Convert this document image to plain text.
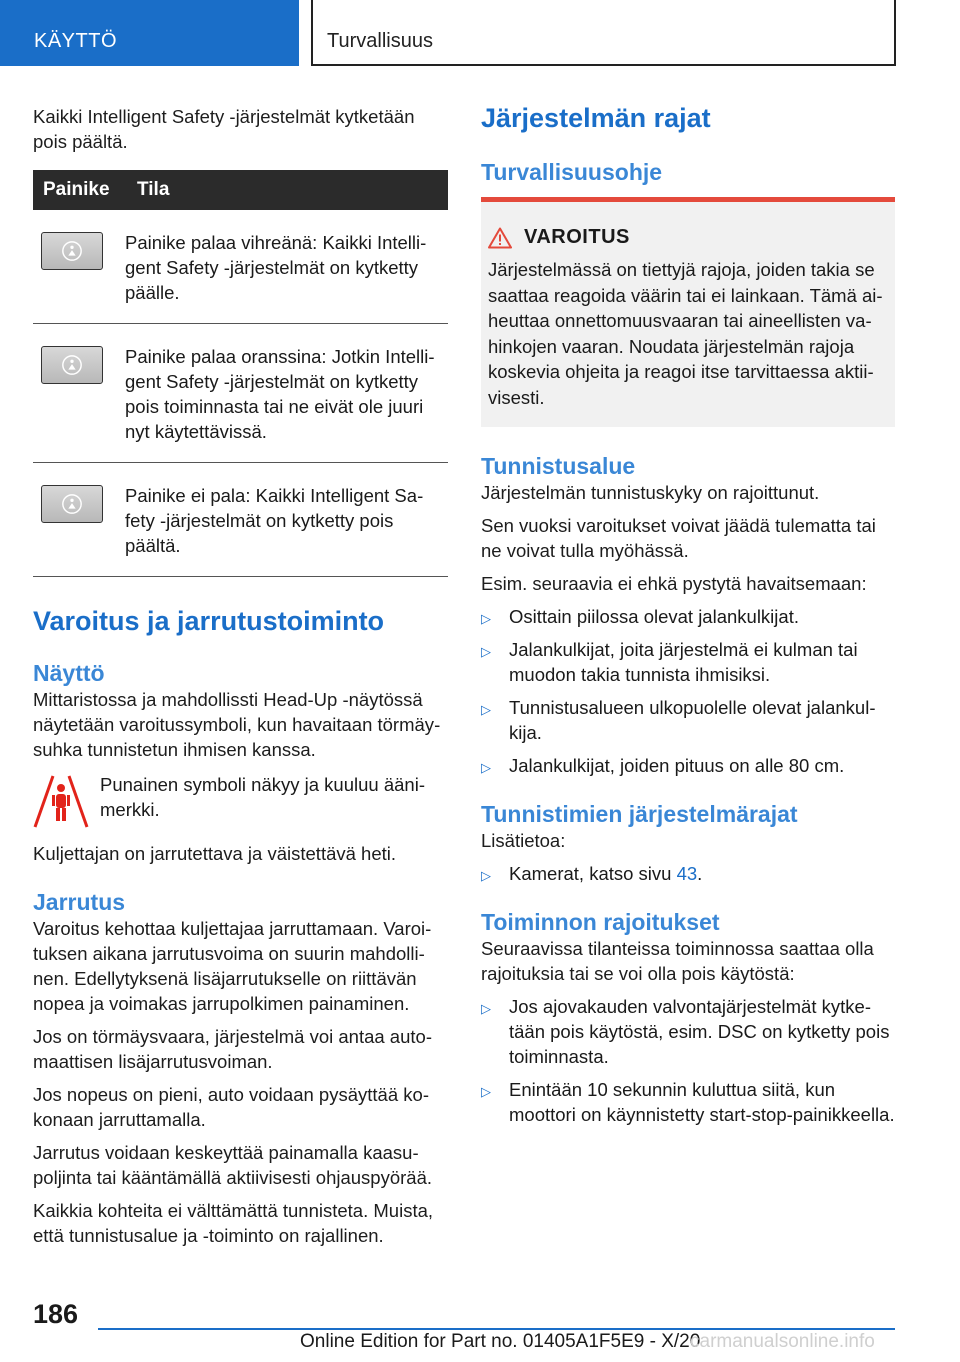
KÄYTTÖ	Turvallisuus

Kaikki Intelligent Safety -järjestelmät kytketään pois päältä.

Painike	Tila

	Painike palaa vihreänä: Kaikki Intelligent Safety -järjestelmät on kytketty päälle.

	Painike palaa oranssina: Jotkin Intelligent Safety -järjestelmät on kytketty pois toiminnasta tai ne eivät ole juuri nyt käytettävissä.

	Painike ei pala: Kaikki Intelligent Safety -järjestelmät on kytketty pois päältä.
Varoitus ja jarrutustoiminto
Näyttö

Mittaristossa ja mahdollissti Head-Up -näytössä näytetään varoitussymboli, kun havaitaan törmäysuhka tunnistetun ihmisen kanssa.

Punainen symboli näkyy ja kuuluu äänimerkki.

Kuljettajan on jarrutettava ja väistettävä heti.

Jarrutus

Varoitus kehottaa kuljettajaa jarruttamaan. Varoituksen aikana jarrutusvoima on suurin mahdollinen. Edellytyksenä lisäjarrutukselle on riittävän nopea ja voimakas jarrupolkimen painaminen.

Jos on törmäysvaara, järjestelmä voi antaa automaattisen lisäjarrutusvoiman.

Jos nopeus on pieni, auto voidaan pysäyttää kokonaan jarruttamalla.

Jarrutus voidaan keskeyttää painamalla kaasupoljinta tai kääntämällä aktiivisesti ohjauspyörää.

Kaikkia kohteita ei välttämättä tunnisteta. Muista, että tunnistusalue ja -toiminto on rajallinen.

Järjestelmän rajat
Turvallisuusohje
VAROITUS

Järjestelmässä on tiettyjä rajoja, joiden takia se saattaa reagoida väärin tai ei lainkaan. Tämä aiheuttaa onnettomuusvaaran tai aineellisten vahinkojen vaaran. Noudata järjestelmän rajoja koskevia ohjeita ja reagoi itse tarvittaessa aktiivisesti.

Tunnistusalue

Järjestelmän tunnistuskyky on rajoittunut.

Sen vuoksi varoitukset voivat jäädä tulematta tai ne voivat tulla myöhässä.

Esim. seuraavia ei ehkä pystytä havaitsemaan:

▷ Osittain piilossa olevat jalankulkijat.
▷ Jalankulkijat, joita järjestelmä ei kulman tai muodon takia tunnista ihmisiksi.
▷ Tunnistusalueen ulkopuolelle olevat jalankulkija.
▷ Jalankulkijat, joiden pituus on alle 80 cm.
Tunnistimien järjestelmärajat

Lisätietoa:

▷ Kamerat, katso sivu 43.
Toiminnon rajoitukset

Seuraavissa tilanteissa toiminnossa saattaa olla rajoituksia tai se voi olla pois käytöstä:

▷ Jos ajovakauden valvontajärjestelmät kytketään pois käytöstä, esim. DSC on kytketty pois toiminnasta.
▷ Enintään 10 sekunnin kuluttua siitä, kun moottori on käynnistetty start-stop-painikkeella.
186
Online Edition for Part no. 01405A1F5E9 - X/20
carmanualsonline.info
